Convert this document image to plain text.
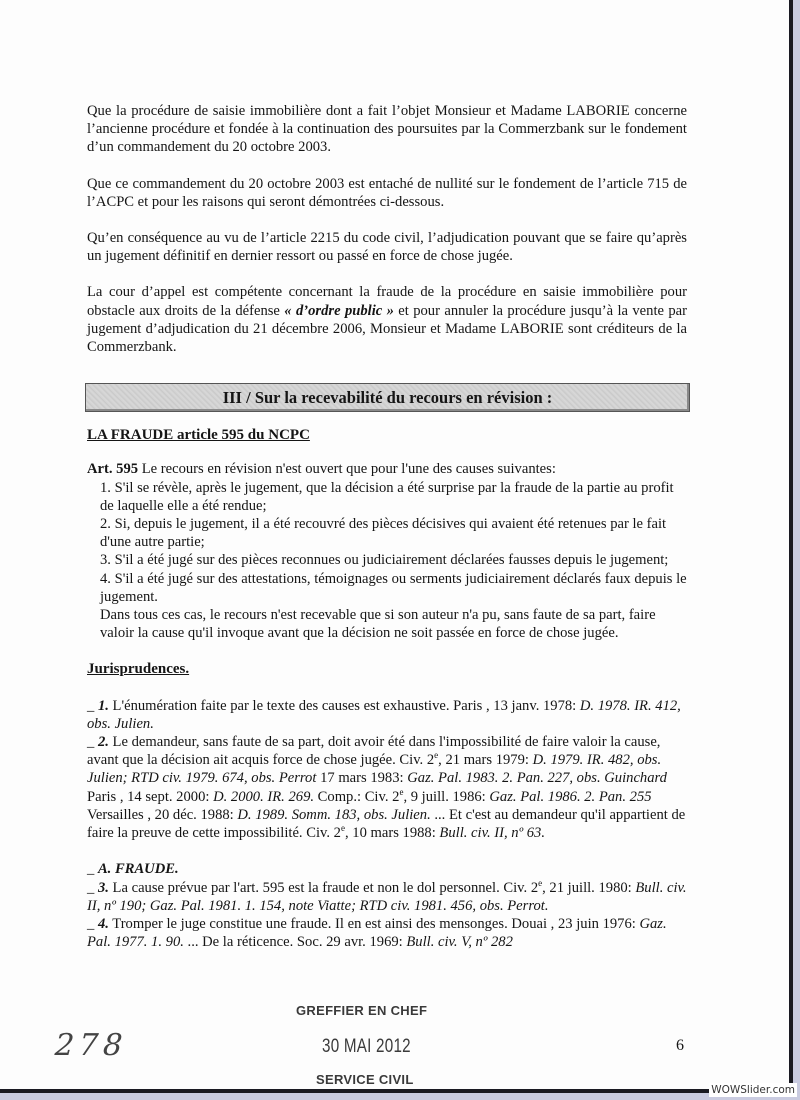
Que la procédure de saisie immobilière dont a fait l’objet Monsieur et Madame LABORIE concerne l’ancienne procédure et fondée à la continuation des poursuites par la Commerzbank sur le fondement d’un commandement du 20 octobre 2003.

Que ce commandement du 20 octobre 2003 est entaché de nullité sur le fondement de l’article 715 de l’ACPC et pour les raisons qui seront démontrées ci-dessous.

Qu’en conséquence au vu de l’article 2215 du code civil, l’adjudication pouvant que se faire qu’après un jugement définitif en dernier ressort ou passé en force de chose jugée.

La cour d’appel est compétente concernant la fraude de la procédure en saisie immobilière pour obstacle aux droits de la défense « d’ordre public » et pour annuler la procédure jusqu’à la vente par jugement d’adjudication du 21 décembre 2006, Monsieur et Madame LABORIE sont créditeurs de la Commerzbank.

III / Sur la recevabilité du recours en révision :

LA FRAUDE article 595 du NCPC

Art. 595 Le recours en révision n'est ouvert que pour l'une des causes suivantes:

1. S'il se révèle, après le jugement, que la décision a été surprise par la fraude de la partie au profit de laquelle elle a été rendue;

2. Si, depuis le jugement, il a été recouvré des pièces décisives qui avaient été retenues par le fait d'une autre partie;

3. S'il a été jugé sur des pièces reconnues ou judiciairement déclarées fausses depuis le jugement;

4. S'il a été jugé sur des attestations, témoignages ou serments judiciairement déclarés faux depuis le jugement.

Dans tous ces cas, le recours n'est recevable que si son auteur n'a pu, sans faute de sa part, faire valoir la cause qu'il invoque avant que la décision ne soit passée en force de chose jugée.

Jurisprudences.

_ 1. L'énumération faite par le texte des causes est exhaustive. Paris , 13 janv. 1978: D. 1978. IR. 412, obs. Julien.

_ 2. Le demandeur, sans faute de sa part, doit avoir été dans l'impossibilité de faire valoir la cause, avant que la décision ait acquis force de chose jugée. Civ. 2e, 21 mars 1979: D. 1979. IR. 482, obs. Julien; RTD civ. 1979. 674, obs. Perrot 17 mars 1983: Gaz. Pal. 1983. 2. Pan. 227, obs. Guinchard Paris , 14 sept. 2000: D. 2000. IR. 269. Comp.: Civ. 2e, 9 juill. 1986: Gaz. Pal. 1986. 2. Pan. 255 Versailles , 20 déc. 1988: D. 1989. Somm. 183, obs. Julien. ... Et c'est au demandeur qu'il appartient de faire la preuve de cette impossibilité. Civ. 2e, 10 mars 1988: Bull. civ. II, nº 63.

_ A. FRAUDE.

_ 3. La cause prévue par l'art. 595 est la fraude et non le dol personnel. Civ. 2e, 21 juill. 1980: Bull. civ. II, nº 190; Gaz. Pal. 1981. 1. 154, note Viatte; RTD civ. 1981. 456, obs. Perrot.

_ 4. Tromper le juge constitue une fraude. Il en est ainsi des mensonges. Douai , 23 juin 1976: Gaz. Pal. 1977. 1. 90. ... De la réticence. Soc. 29 avr. 1969: Bull. civ. V, nº 282

GREFFIER EN CHEF
30 MAI 2012
SERVICE CIVIL
278	6
WOWSlider.com
